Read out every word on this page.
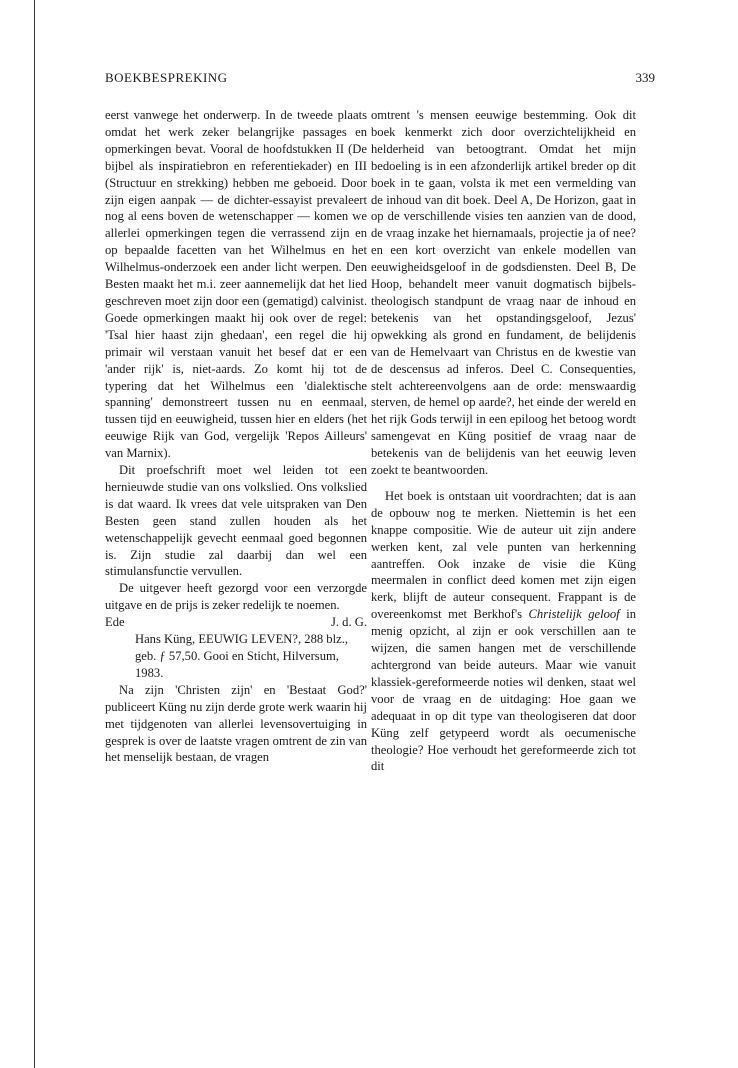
BOEKBESPREKING	339

eerst vanwege het onderwerp. In de tweede plaats omdat het werk zeker belangrijke passages en opmerkingen bevat. Vooral de hoofdstukken II (De bijbel als inspiratiebron en referentiekader) en III (Structuur en strekking) hebben me geboeid. Door zijn eigen aanpak — de dichter-essayist prevaleert nog al eens boven de wetenschapper — komen we allerlei opmerkingen tegen die verrassend zijn en op bepaalde facetten van het Wilhelmus en het Wilhelmus-onderzoek een ander licht werpen. Den Besten maakt het m.i. zeer aannemelijk dat het lied geschreven moet zijn door een (gematigd) calvinist. Goede opmerkingen maakt hij ook over de regel: 'Tsal hier haast zijn ghedaan', een regel die hij primair wil verstaan vanuit het besef dat er een 'ander rijk' is, niet-aards. Zo komt hij tot de typering dat het Wilhelmus een 'dialektische spanning' demonstreert tussen nu en eenmaal, tussen tijd en eeuwigheid, tussen hier en elders (het eeuwige Rijk van God, vergelijk 'Repos Ailleurs' van Marnix).

Dit proefschrift moet wel leiden tot een hernieuwde studie van ons volkslied. Ons volkslied is dat waard. Ik vrees dat vele uitspraken van Den Besten geen stand zullen houden als het wetenschappelijk gevecht eenmaal goed begonnen is. Zijn studie zal daarbij dan wel een stimulansfunctie vervullen.

De uitgever heeft gezorgd voor een verzorgde uitgave en de prijs is zeker redelijk te noemen.

Ede	J. d. G.

Hans Küng, EEUWIG LEVEN?, 288 blz., geb. ƒ 57,50. Gooi en Sticht, Hilversum, 1983.

Na zijn 'Christen zijn' en 'Bestaat God?' publiceert Küng nu zijn derde grote werk waarin hij met tijdgenoten van allerlei levensovertuiging in gesprek is over de laatste vragen omtrent de zin van het menselijk bestaan, de vragen

omtrent 's mensen eeuwige bestemming. Ook dit boek kenmerkt zich door overzichtelijkheid en helderheid van betoogtrant. Omdat het mijn bedoeling is in een afzonderlijk artikel breder op dit boek in te gaan, volsta ik met een vermelding van de inhoud van dit boek. Deel A, De Horizon, gaat in op de verschillende visies ten aanzien van de dood, de vraag inzake het hiernamaals, projectie ja of nee? en een kort overzicht van enkele modellen van eeuwigheidsgeloof in de godsdiensten. Deel B, De Hoop, behandelt meer vanuit dogmatisch bijbels-theologisch standpunt de vraag naar de inhoud en betekenis van het opstandingsgeloof, Jezus' opwekking als grond en fundament, de belijdenis van de Hemelvaart van Christus en de kwestie van de descensus ad inferos. Deel C. Consequenties, stelt achtereenvolgens aan de orde: menswaardig sterven, de hemel op aarde?, het einde der wereld en het rijk Gods terwijl in een epiloog het betoog wordt samengevat en Küng positief de vraag naar de betekenis van de belijdenis van het eeuwig leven zoekt te beantwoorden.

Het boek is ontstaan uit voordrachten; dat is aan de opbouw nog te merken. Niettemin is het een knappe compositie. Wie de auteur uit zijn andere werken kent, zal vele punten van herkenning aantreffen. Ook inzake de visie die Küng meermalen in conflict deed komen met zijn eigen kerk, blijft de auteur consequent. Frappant is de overeenkomst met Berkhof's Christelijk geloof in menig opzicht, al zijn er ook verschillen aan te wijzen, die samen hangen met de verschillende achtergrond van beide auteurs. Maar wie vanuit klassiek-gereformeerde noties wil denken, staat wel voor de vraag en de uitdaging: Hoe gaan we adequaat in op dit type van theologiseren dat door Küng zelf getypeerd wordt als oecumenische theologie? Hoe verhoudt het gereformeerde zich tot dit
